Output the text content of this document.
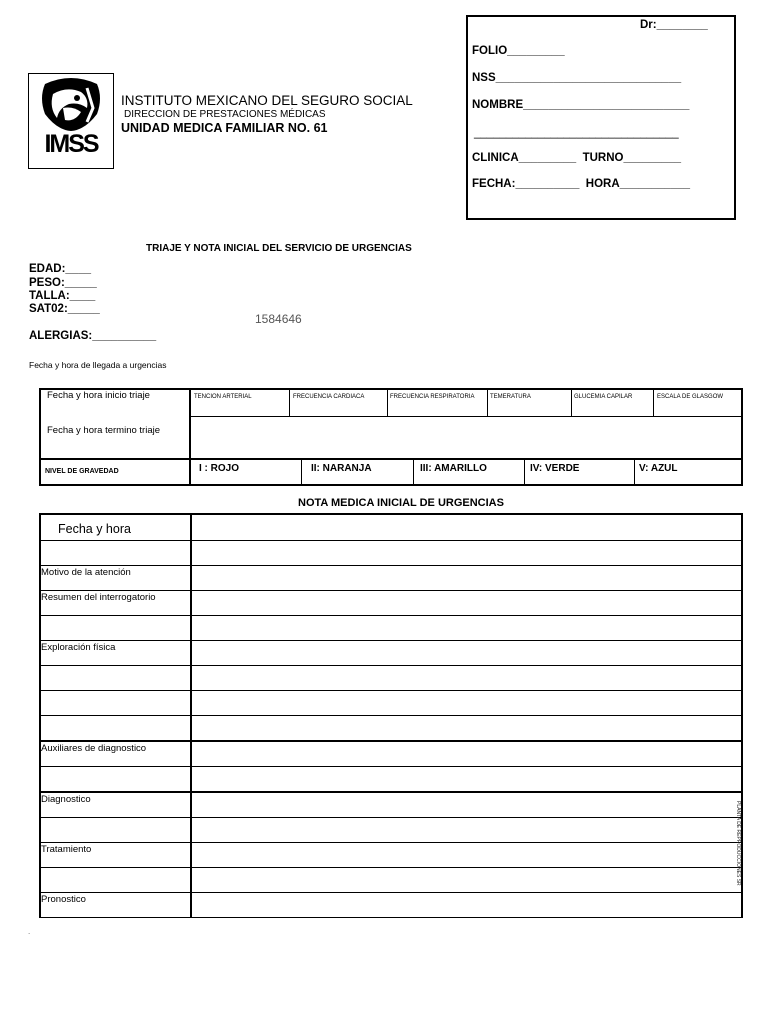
IMSS
INSTITUTO MEXICANO DEL SEGURO SOCIAL
DIRECCION DE PRESTACIONES MÉDICAS
UNIDAD MEDICA FAMILIAR NO. 61
Dr:________
FOLIO_________
NSS_____________________________
NOMBRE__________________________
________________________________
CLINICA_________  TURNO_________
FECHA:__________  HORA___________
TRIAJE Y NOTA INICIAL DEL SERVICIO DE URGENCIAS
EDAD:____
PESO:_____
TALLA:____
SAT02:_____
1584646
ALERGIAS:__________
Fecha y hora de llegada a urgencias
Fecha y hora inicio triaje
Fecha y hora termino triaje
NIVEL DE GRAVEDAD
TENCION ARTERIAL	FRECUENCIA CARDIACA	FRECUENCIA RESPIRATORIA	TEMERATURA	GLUCEMIA CAPILAR	ESCALA DE GLASGOW
I : ROJO	II: NARANJA	III: AMARILLO	IV: VERDE	V: AZUL
NOTA MEDICA INICIAL DE URGENCIAS
Fecha y hora
Motivo de la atención
Resumen del interrogatorio
Exploración física
Auxiliares de diagnostico
Diagnostico
Tratamiento
Pronostico
PLANTA DE REPRODUCCIONES SR
.
